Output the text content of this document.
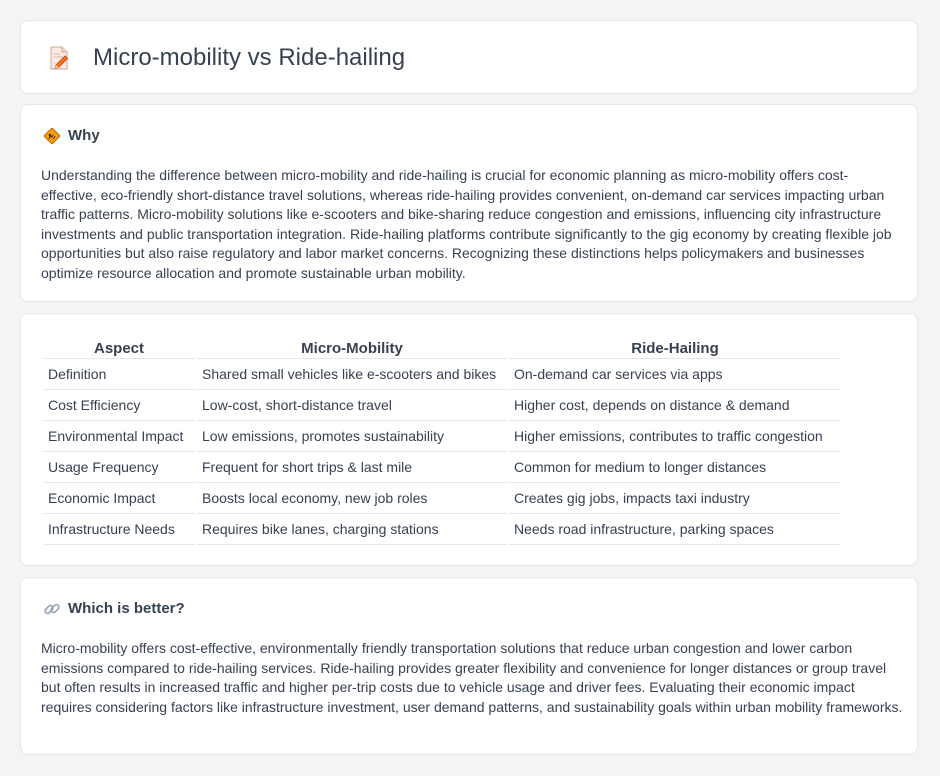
Micro-mobility vs Ride-hailing
Why

Understanding the difference between micro-mobility and ride-hailing is crucial for economic planning as micro-mobility offers cost-effective, eco-friendly short-distance travel solutions, whereas ride-hailing provides convenient, on-demand car services impacting urban traffic patterns. Micro-mobility solutions like e-scooters and bike-sharing reduce congestion and emissions, influencing city infrastructure investments and public transportation integration. Ride-hailing platforms contribute significantly to the gig economy by creating flexible job opportunities but also raise regulatory and labor market concerns. Recognizing these distinctions helps policymakers and businesses optimize resource allocation and promote sustainable urban mobility.

Aspect	Micro-Mobility	Ride-Hailing
Definition	Shared small vehicles like e-scooters and bikes	On-demand car services via apps
Cost Efficiency	Low-cost, short-distance travel	Higher cost, depends on distance & demand
Environmental Impact	Low emissions, promotes sustainability	Higher emissions, contributes to traffic congestion
Usage Frequency	Frequent for short trips & last mile	Common for medium to longer distances
Economic Impact	Boosts local economy, new job roles	Creates gig jobs, impacts taxi industry
Infrastructure Needs	Requires bike lanes, charging stations	Needs road infrastructure, parking spaces
Which is better?

Micro-mobility offers cost-effective, environmentally friendly transportation solutions that reduce urban congestion and lower carbon emissions compared to ride-hailing services. Ride-hailing provides greater flexibility and convenience for longer distances or group travel but often results in increased traffic and higher per-trip costs due to vehicle usage and driver fees. Evaluating their economic impact requires considering factors like infrastructure investment, user demand patterns, and sustainability goals within urban mobility frameworks.
